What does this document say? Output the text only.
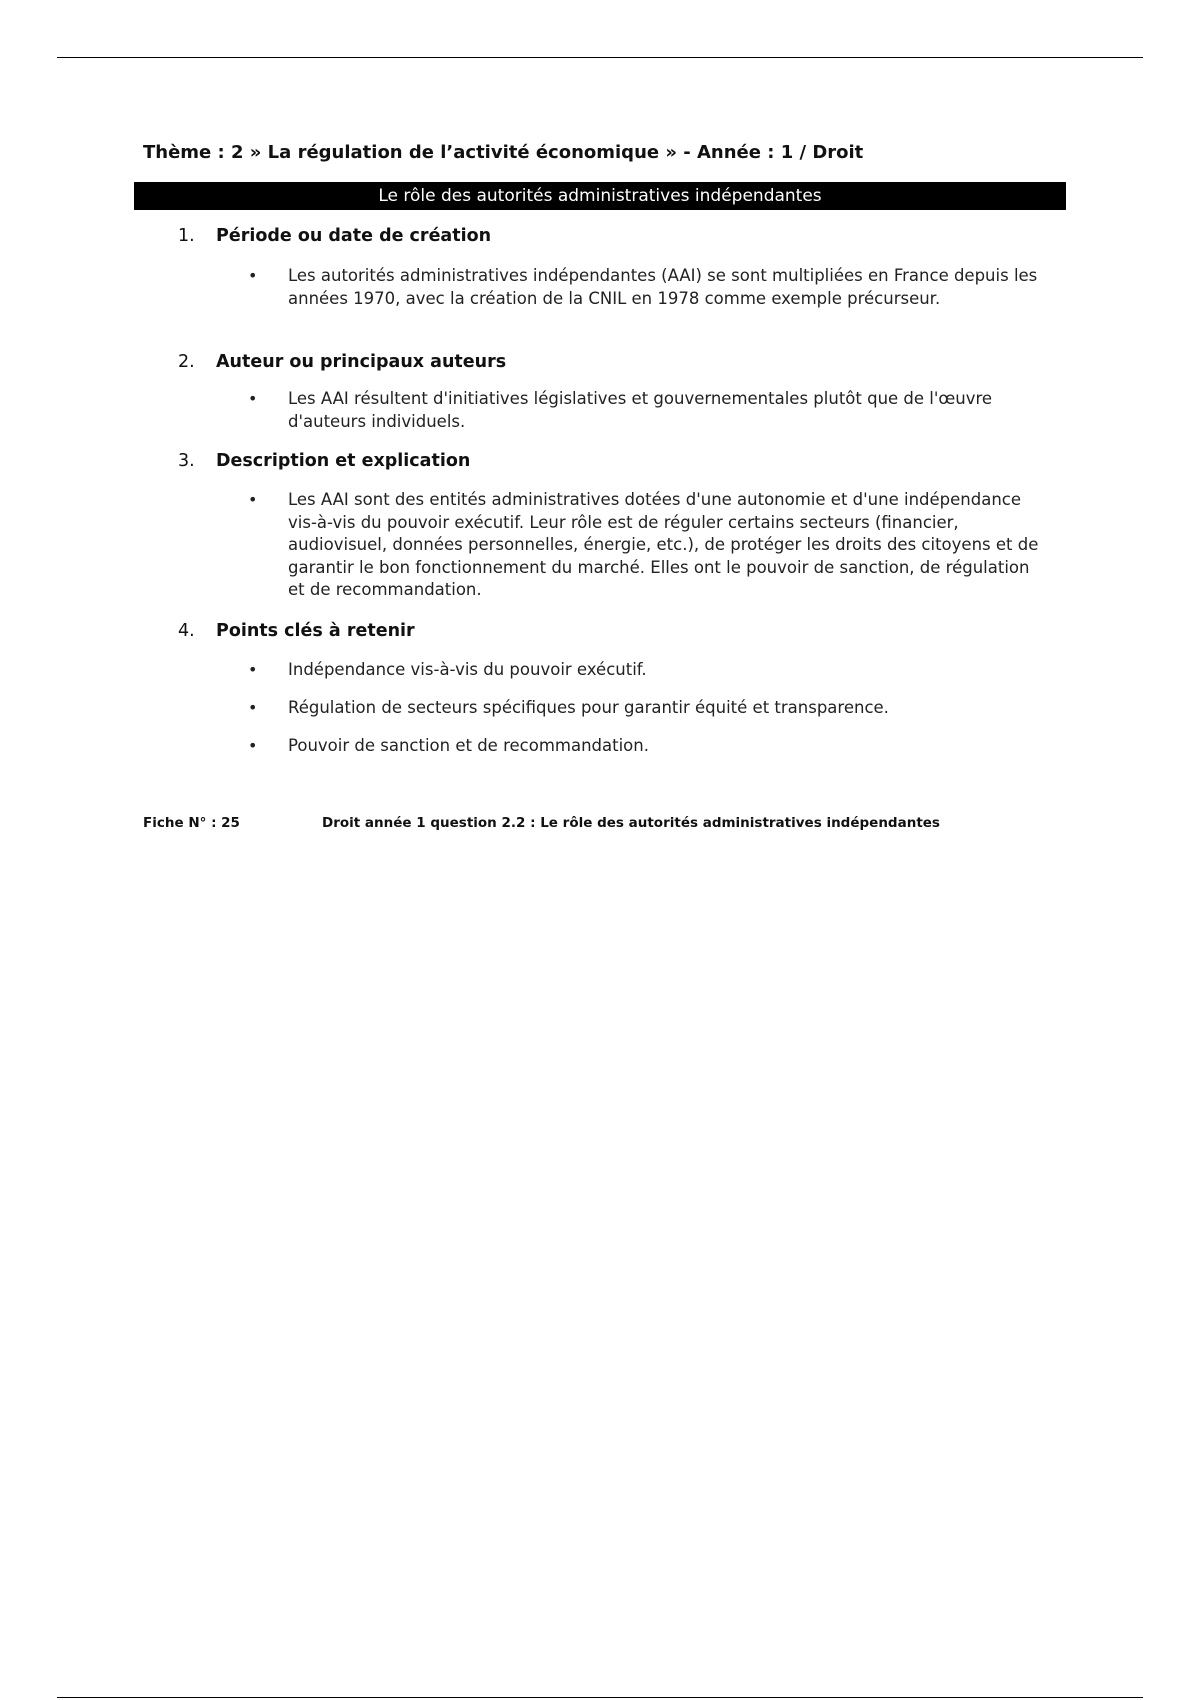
Thème : 2 » La régulation de l’activité économique » - Année : 1 / Droit
Le rôle des autorités administratives indépendantes
1. Période ou date de création
• Les autorités administratives indépendantes (AAI) se sont multipliées en France depuis les années 1970, avec la création de la CNIL en 1978 comme exemple précurseur.
2. Auteur ou principaux auteurs
• Les AAI résultent d'initiatives législatives et gouvernementales plutôt que de l'œuvre d'auteurs individuels.
3. Description et explication
• Les AAI sont des entités administratives dotées d'une autonomie et d'une indépendance vis-à-vis du pouvoir exécutif. Leur rôle est de réguler certains secteurs (financier, audiovisuel, données personnelles, énergie, etc.), de protéger les droits des citoyens et de garantir le bon fonctionnement du marché. Elles ont le pouvoir de sanction, de régulation et de recommandation.
4. Points clés à retenir
• Indépendance vis-à-vis du pouvoir exécutif.
• Régulation de secteurs spécifiques pour garantir équité et transparence.
• Pouvoir de sanction et de recommandation.
Fiche N° : 25	Droit année 1 question 2.2 : Le rôle des autorités administratives indépendantes
